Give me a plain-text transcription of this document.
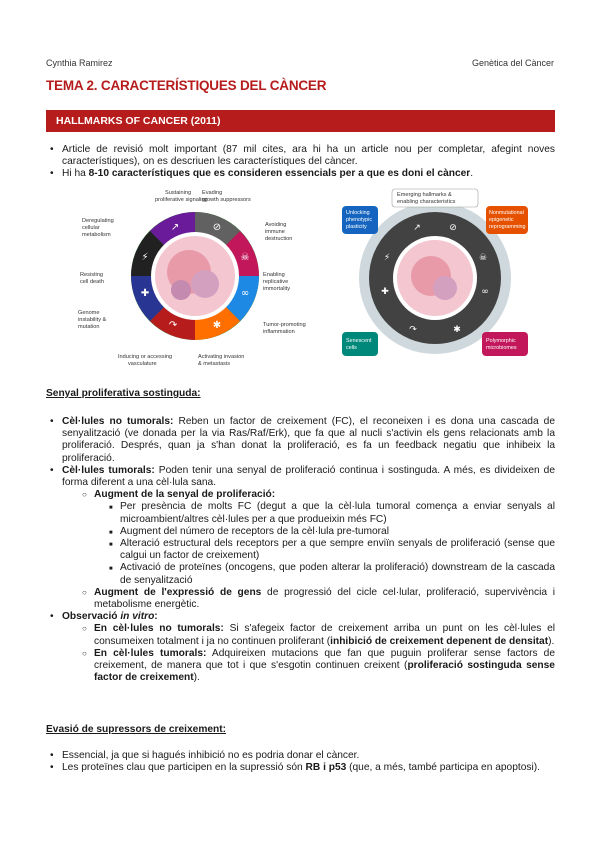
Cynthia Ramirez	Genètica del Càncer
TEMA 2. CARACTERÍSTIQUES DEL CÀNCER
HALLMARKS OF CANCER (2011)
• Article de revisió molt important (87 mil cites, ara hi ha un article nou per completar, afegint noves característiques), on es descriuen les característiques del càncer.
• Hi ha 8-10 característiques que es consideren essencials per a que es doni el càncer.
↗	⊘
☠
∞
✱
↷
✚
⚡
Sustaining
proliferative signaling
Evading
growth suppressors
Avoiding
immune
destruction
Enabling
replicative
immortality
Tumor-promoting
inflammation
Activating invasion
& metastasis
Inducing or accessing
vasculature
Genome
instability &
mutation
Resisting
cell death
Deregulating
cellular
metabolism
↗	⊘
☠
∞
✱
↷
✚
⚡
Emerging hallmarks &
enabling characteristics
Unlocking
phenotypic
plasticity
Nonmutational
epigenetic
reprogramming
Senescent
cells
Polymorphic
microbiomes
Senyal proliferativa sostinguda:
• Cèl·lules no tumorals: Reben un factor de creixement (FC), el reconeixen i es dona una cascada de senyalització (ve donada per la via Ras/Raf/Erk), que fa que al nucli s'activin els gens relacionats amb la proliferació. Després, quan ja s'han donat la proliferació, es fa un feedback negatiu que inhibeix la proliferació.
• Cèl·lules tumorals: Poden tenir una senyal de proliferació continua i sostinguda. A més, es divideixen de forma diferent a una cèl·lula sana.
○ Augment de la senyal de proliferació:
■ Per presència de molts FC (degut a que la cèl·lula tumoral comença a enviar senyals al microambient/altres cèl·lules per a que produeixin més FC)
■ Augment del número de receptors de la cèl·lula pre-tumoral
■ Alteració estructural dels receptors per a que sempre enviïn senyals de proliferació (sense que calgui un factor de creixement)
■ Activació de proteïnes (oncogens, que poden alterar la proliferació) downstream de la cascada de senyalització
○ Augment de l'expressió de gens de progressió del cicle cel·lular, proliferació, supervivència i metabolisme energètic.
• Observació in vitro:
○ En cèl·lules no tumorals: Si s'afegeix factor de creixement arriba un punt on les cèl·lules el consumeixen totalment i ja no continuen proliferant (inhibició de creixement depenent de densitat).
○ En cèl·lules tumorals: Adquireixen mutacions que fan que puguin proliferar sense factors de creixement, de manera que tot i que s'esgotin continuen creixent (proliferació sostinguda sense factor de creixement).
Evasió de supressors de creixement:
• Essencial, ja que si hagués inhibició no es podria donar el càncer.
• Les proteïnes clau que participen en la supressió són RB i p53 (que, a més, també participa en apoptosi).
